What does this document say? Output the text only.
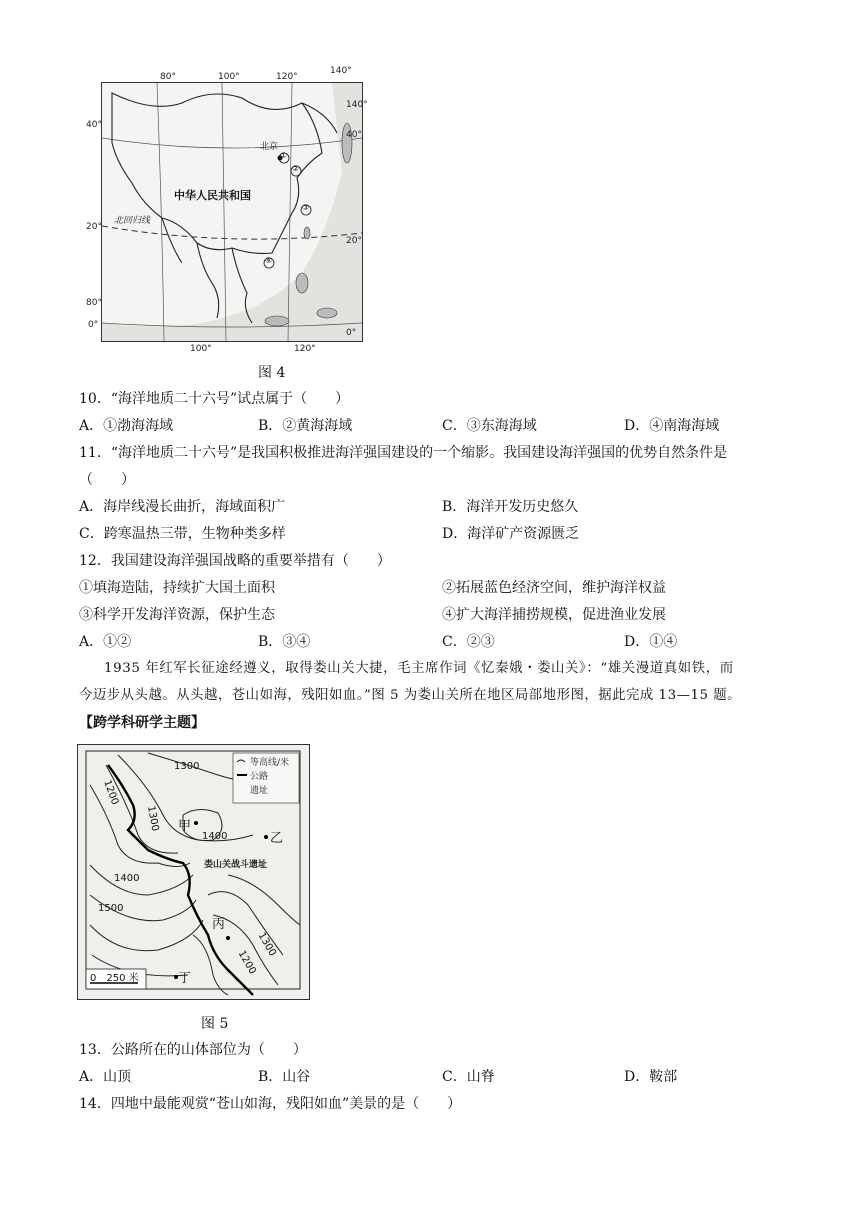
北京
中华人民共和国
北回归线
①
②
③
④
80°	100°	120°
140°
100°	120°
40°
20°
80°
0°
140°
40°
20°
0°
图 4
10．“海洋地质二十六号”试点属于（　　）
A．①渤海海域	B．②黄海海域	C．③东海海域	D．④南海海域
11．“海洋地质二十六号”是我国积极推进海洋强国建设的一个缩影。我国建设海洋强国的优势自然条件是
（　　）
A．海岸线漫长曲折，海域面积广	B．海洋开发历史悠久
C．跨寒温热三带，生物种类多样	D．海洋矿产资源匮乏
12．我国建设海洋强国战略的重要举措有（　　）
①填海造陆，持续扩大国土面积	②拓展蓝色经济空间，维护海洋权益
③科学开发海洋资源，保护生态	④扩大海洋捕捞规模，促进渔业发展
A．①②	B．③④	C．②③	D．①④
1935 年红军长征途经遵义，取得娄山关大捷，毛主席作词《忆秦娥・娄山关》：“雄关漫道真如铁，而
今迈步从头越。从头越，苍山如海，残阳如血。”图 5 为娄山关所在地区局部地形图，据此完成 13—15 题。
【跨学科研学主题】
等高线/米
公路
遗址
娄山关战斗遗址
甲
乙
丙
丁
1200
1300
1300
1400
1400
1500
1300
1200
0　250 米
图 5
13．公路所在的山体部位为（　　）
A．山顶	B．山谷	C．山脊	D．鞍部
14．四地中最能观赏“苍山如海，残阳如血”美景的是（　　）
